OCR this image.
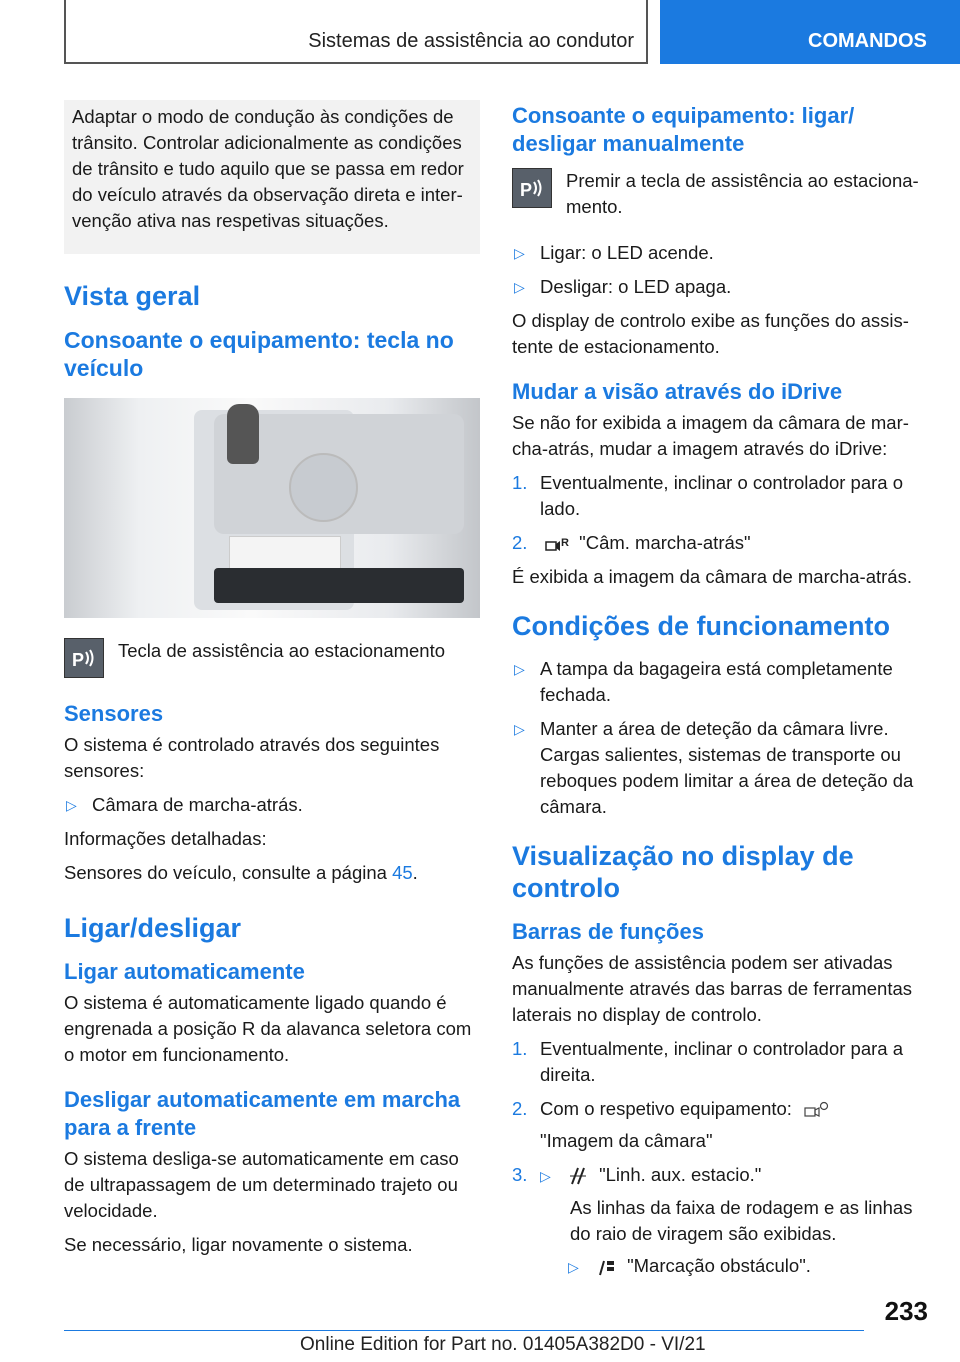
Sistemas de assistência ao condutor	COMANDOS

Adaptar o modo de condução às condições de trânsito. Controlar adicionalmente as condições de trânsito e tudo aquilo que se passa em redor do veículo através da observação direta e inter-venção ativa nas respetivas situações.

Vista geral
Consoante o equipamento: tecla no veículo
P Tecla de assistência ao estacionamento

Sensores

O sistema é controlado através dos seguintes sensores:

▷ Câmara de marcha-atrás.

Informações detalhadas:

Sensores do veículo, consulte a página 45.

Ligar/desligar
Ligar automaticamente

O sistema é automaticamente ligado quando é engrenada a posição R da alavanca seletora com o motor em funcionamento.

Desligar automaticamente em marcha para a frente

O sistema desliga-se automaticamente em caso de ultrapassagem de um determinado trajeto ou velocidade.

Se necessário, ligar novamente o sistema.

Consoante o equipamento: ligar/ desligar manualmente
P Premir a tecla de assistência ao estaciona-mento.

▷ Ligar: o LED acende.
▷ Desligar: o LED apaga.

O display de controlo exibe as funções do assis-tente de estacionamento.

Mudar a visão através do iDrive

Se não for exibida a imagem da câmara de mar-cha-atrás, mudar a imagem através do iDrive:

1. Eventualmente, inclinar o controlador para o lado.
2.	R "Câm. marcha-atrás"

É exibida a imagem da câmara de marcha-atrás.

Condições de funcionamento
▷ A tampa da bagageira está completamente fechada.
▷ Manter a área de deteção da câmara livre. Cargas salientes, sistemas de transporte ou reboques podem limitar a área de deteção da câmara.
Visualização no display de controlo
Barras de funções

As funções de assistência podem ser ativadas manualmente através das barras de ferramentas laterais no display de controlo.

1. Eventualmente, inclinar o controlador para a direita.
2. Com o respetivo equipamento:
"Imagem da câmara"
3. ▷	"Linh. aux. estacio."
As linhas da faixa de rodagem e as linhas do raio de viragem são exibidas.
▷	"Marcação obstáculo".
233
Online Edition for Part no. 01405A382D0 - VI/21
